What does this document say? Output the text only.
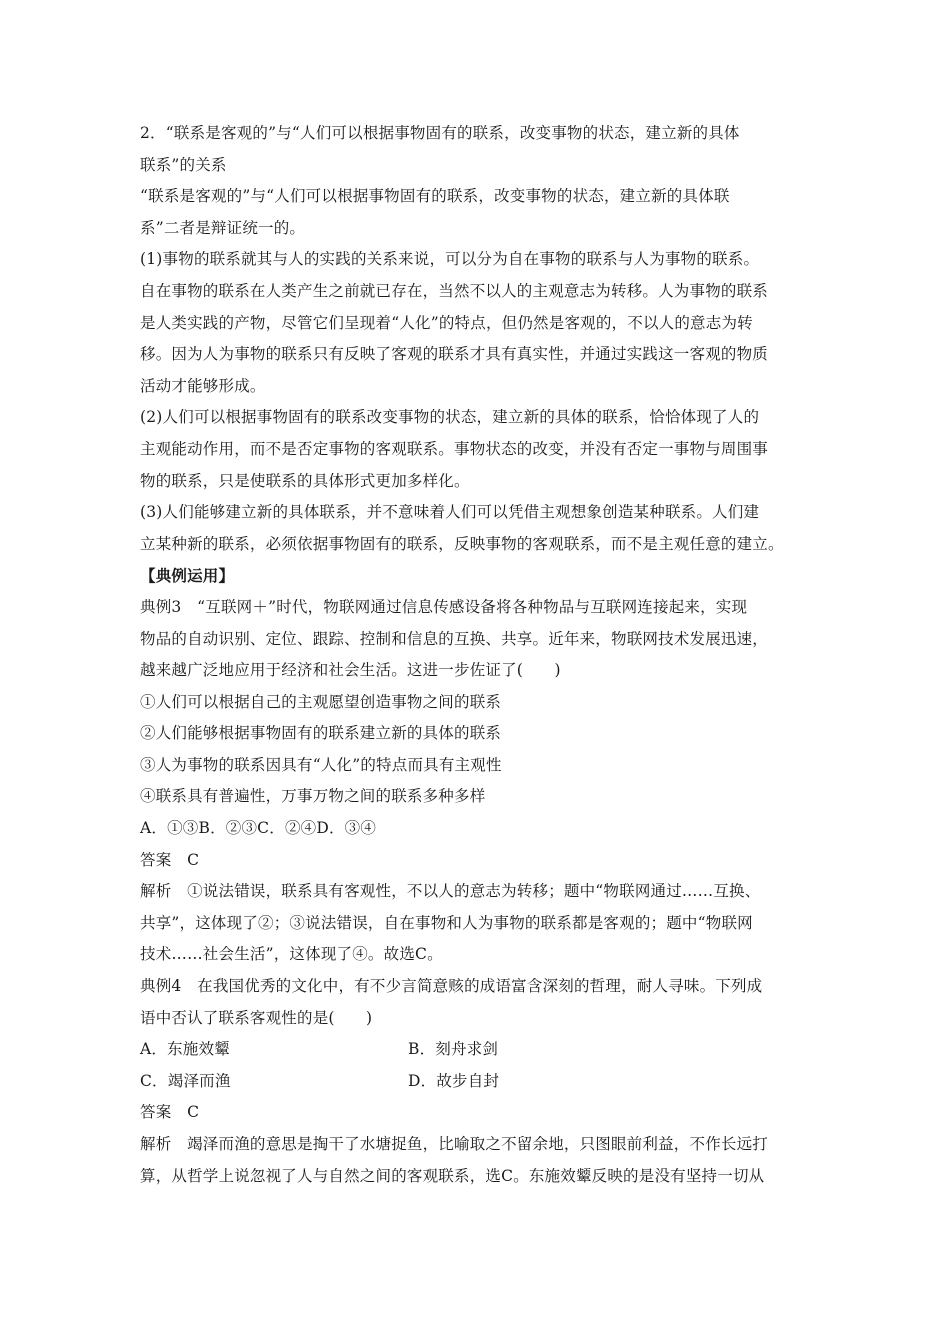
2．“联系是客观的”与“人们可以根据事物固有的联系，改变事物的状态，建立新的具体
联系”的关系
“联系是客观的”与“人们可以根据事物固有的联系，改变事物的状态，建立新的具体联
系”二者是辩证统一的。
(1)事物的联系就其与人的实践的关系来说，可以分为自在事物的联系与人为事物的联系。
自在事物的联系在人类产生之前就已存在，当然不以人的主观意志为转移。人为事物的联系
是人类实践的产物，尽管它们呈现着“人化”的特点，但仍然是客观的，不以人的意志为转
移。因为人为事物的联系只有反映了客观的联系才具有真实性，并通过实践这一客观的物质
活动才能够形成。
(2)人们可以根据事物固有的联系改变事物的状态，建立新的具体的联系，恰恰体现了人的
主观能动作用，而不是否定事物的客观联系。事物状态的改变，并没有否定一事物与周围事
物的联系，只是使联系的具体形式更加多样化。
(3)人们能够建立新的具体联系，并不意味着人们可以凭借主观想象创造某种联系。人们建
立某种新的联系，必须依据事物固有的联系，反映事物的客观联系，而不是主观任意的建立。
【典例运用】
典例3　“互联网＋”时代，物联网通过信息传感设备将各种物品与互联网连接起来，实现
物品的自动识别、定位、跟踪、控制和信息的互换、共享。近年来，物联网技术发展迅速，
越来越广泛地应用于经济和社会生活。这进一步佐证了(　　)
①人们可以根据自己的主观愿望创造事物之间的联系
②人们能够根据事物固有的联系建立新的具体的联系
③人为事物的联系因具有“人化”的特点而具有主观性
④联系具有普遍性，万事万物之间的联系多种多样
A．①③B．②③C．②④D．③④
答案　C
解析　①说法错误，联系具有客观性，不以人的意志为转移；题中“物联网通过……互换、
共享”，这体现了②；③说法错误，自在事物和人为事物的联系都是客观的；题中“物联网
技术……社会生活”，这体现了④。故选C。
典例4　在我国优秀的文化中，有不少言简意赅的成语富含深刻的哲理，耐人寻味。下列成
语中否认了联系客观性的是(　　)
A．东施效颦	B．刻舟求剑
C．竭泽而渔	D．故步自封
答案　C
解析　竭泽而渔的意思是掏干了水塘捉鱼，比喻取之不留余地，只图眼前利益，不作长远打
算，从哲学上说忽视了人与自然之间的客观联系，选C。东施效颦反映的是没有坚持一切从
